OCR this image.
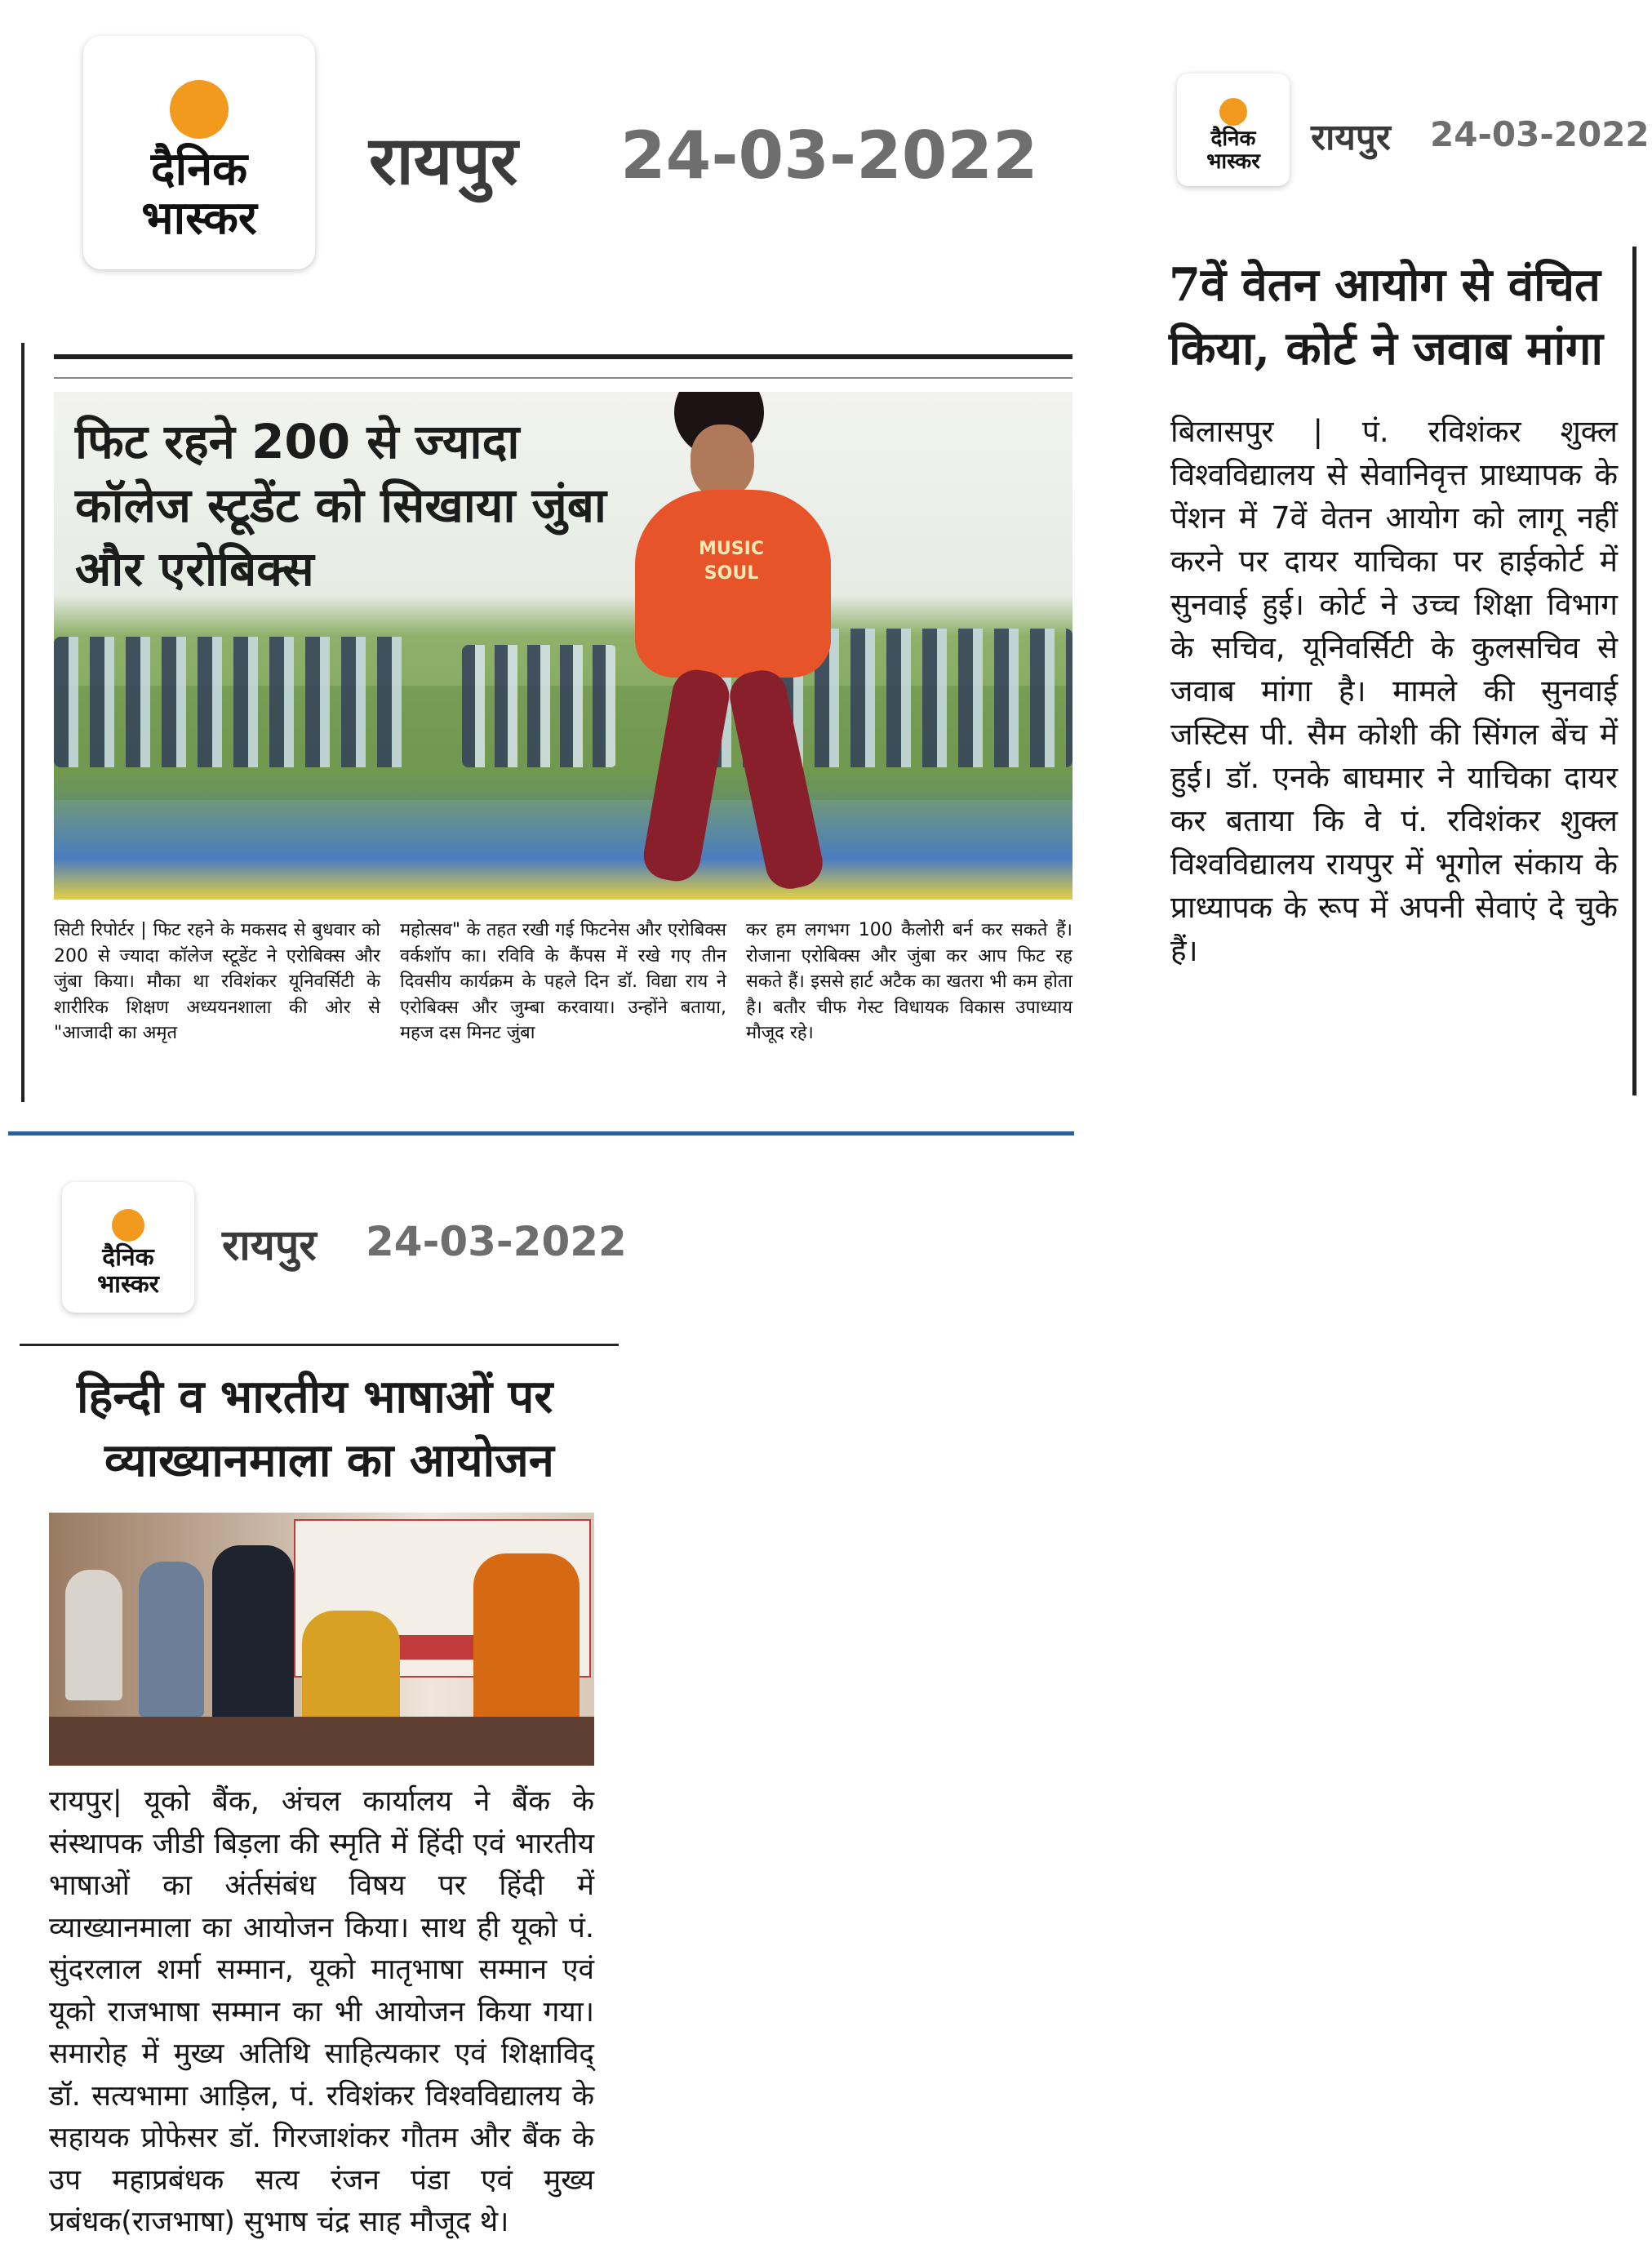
दैनिक
भास्कर
रायपुर 24-03-2022
MUSIC SOUL
फिट रहने 200 से ज्यादा कॉलेज स्टूडेंट को सिखाया जुंबा और एरोबिक्स
सिटी रिपोर्टर | फिट रहने के मकसद से बुधवार को 200 से ज्यादा कॉलेज स्टूडेंट ने एरोबिक्स और जुंबा किया। मौका था रविशंकर यूनिवर्सिटी के शारीरिक शिक्षण अध्ययनशाला की ओर से "आजादी का अमृत
महोत्सव" के तहत रखी गई फिटनेस और एरोबिक्स वर्कशॉप का। रविवि के कैंपस में रखे गए तीन दिवसीय कार्यक्रम के पहले दिन डॉ. विद्या राय ने एरोबिक्स और जुम्बा करवाया। उन्होंने बताया, महज दस मिनट जुंबा
कर हम लगभग 100 कैलोरी बर्न कर सकते हैं। रोजाना एरोबिक्स और जुंबा कर आप फिट रह सकते हैं। इससे हार्ट अटैक का खतरा भी कम होता है। बतौर चीफ गेस्ट विधायक विकास उपाध्याय मौजूद रहे।
दैनिक
भास्कर
रायपुर 24-03-2022
7वें वेतन आयोग से वंचित
किया, कोर्ट ने जवाब मांगा
बिलासपुर | पं. रविशंकर शुक्ल विश्वविद्यालय से सेवानिवृत्त प्राध्यापक के पेंशन में 7वें वेतन आयोग को लागू नहीं करने पर दायर याचिका पर हाईकोर्ट में सुनवाई हुई। कोर्ट ने उच्च शिक्षा विभाग के सचिव, यूनिवर्सिटी के कुलसचिव से जवाब मांगा है। मामले की सुनवाई जस्टिस पी. सैम कोशी की सिंगल बेंच में हुई। डॉ. एनके बाघमार ने याचिका दायर कर बताया कि वे पं. रविशंकर शुक्ल विश्वविद्यालय रायपुर में भूगोल संकाय के प्राध्यापक के रूप में अपनी सेवाएं दे चुके हैं।
दैनिक
भास्कर
रायपुर 24-03-2022
हिन्दी व भारतीय भाषाओं पर
व्याख्यानमाला का आयोजन
रायपुर| यूको बैंक, अंचल कार्यालय ने बैंक के संस्थापक जीडी बिड़ला की स्मृति में हिंदी एवं भारतीय भाषाओं का अंर्तसंबंध विषय पर हिंदी में व्याख्यानमाला का आयोजन किया। साथ ही यूको पं. सुंदरलाल शर्मा सम्मान, यूको मातृभाषा सम्मान एवं यूको राजभाषा सम्मान का भी आयोजन किया गया। समारोह में मुख्य अतिथि साहित्यकार एवं शिक्षाविद् डॉ. सत्यभामा आड़िल, पं. रविशंकर विश्वविद्यालय के सहायक प्रोफेसर डॉ. गिरजाशंकर गौतम और बैंक के उप महाप्रबंधक सत्य रंजन पंडा एवं मुख्य प्रबंधक(राजभाषा) सुभाष चंद्र साह मौजूद थे।
